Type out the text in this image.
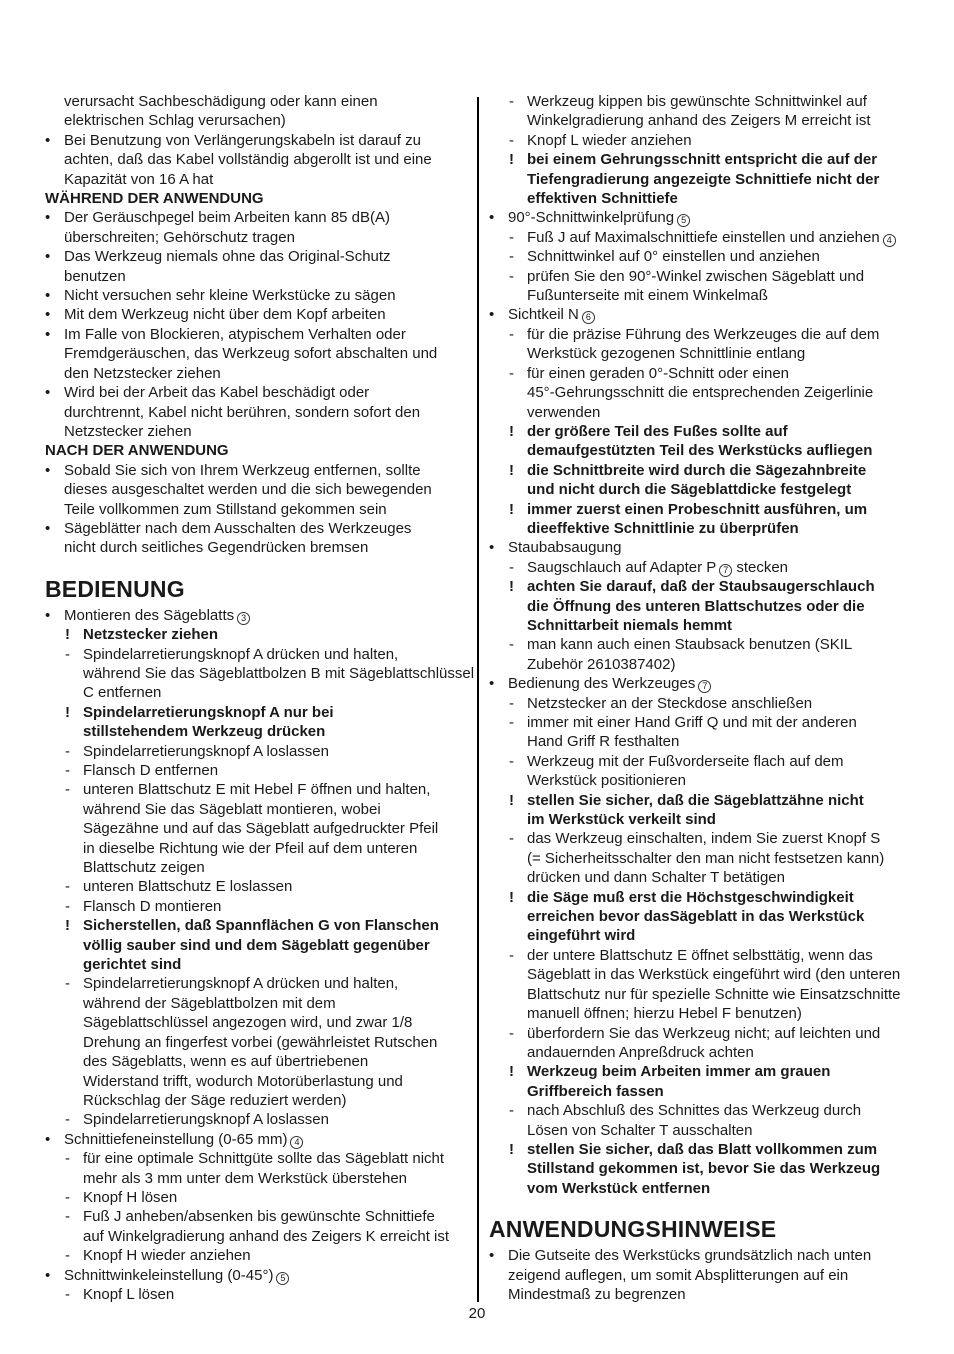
verursacht Sachbeschädigung oder kann einen
elektrischen Schlag verursachen)
• Bei Benutzung von Verlängerungskabeln ist darauf zu
achten, daß das Kabel vollständig abgerollt ist und eine
Kapazität von 16 A hat
WÄHREND DER ANWENDUNG
• Der Geräuschpegel beim Arbeiten kann 85 dB(A)
überschreiten; Gehörschutz tragen
• Das Werkzeug niemals ohne das Original-Schutz
benutzen
• Nicht versuchen sehr kleine Werkstücke zu sägen
• Mit dem Werkzeug nicht über dem Kopf arbeiten
• Im Falle von Blockieren, atypischem Verhalten oder
Fremdgeräuschen, das Werkzeug sofort abschalten und
den Netzstecker ziehen
• Wird bei der Arbeit das Kabel beschädigt oder
durchtrennt, Kabel nicht berühren, sondern sofort den
Netzstecker ziehen
NACH DER ANWENDUNG
• Sobald Sie sich von Ihrem Werkzeug entfernen, sollte
dieses ausgeschaltet werden und die sich bewegenden
Teile vollkommen zum Stillstand gekommen sein
• Sägeblätter nach dem Ausschalten des Werkzeuges
nicht durch seitliches Gegendrücken bremsen
BEDIENUNG
• Montieren des Sägeblatts 3
! Netzstecker ziehen
- Spindelarretierungsknopf A drücken und halten,
während Sie das Sägeblattbolzen B mit Sägeblattschlüssel
C entfernen
! Spindelarretierungsknopf A nur bei
stillstehendem Werkzeug drücken
- Spindelarretierungsknopf A loslassen
- Flansch D entfernen
- unteren Blattschutz E mit Hebel F öffnen und halten,
während Sie das Sägeblatt montieren, wobei
Sägezähne und auf das Sägeblatt aufgedruckter Pfeil
in dieselbe Richtung wie der Pfeil auf dem unteren
Blattschutz zeigen
- unteren Blattschutz E loslassen
- Flansch D montieren
! Sicherstellen, daß Spannflächen G von Flanschen
völlig sauber sind und dem Sägeblatt gegenüber
gerichtet sind
- Spindelarretierungsknopf A drücken und halten,
während der Sägeblattbolzen mit dem
Sägeblattschlüssel angezogen wird, und zwar 1/8
Drehung an fingerfest vorbei (gewährleistet Rutschen
des Sägeblatts, wenn es auf übertriebenen
Widerstand trifft, wodurch Motorüberlastung und
Rückschlag der Säge reduziert werden)
- Spindelarretierungsknopf A loslassen
• Schnittiefeneinstellung (0-65 mm) 4
- für eine optimale Schnittgüte sollte das Sägeblatt nicht
mehr als 3 mm unter dem Werkstück überstehen
- Knopf H lösen
- Fuß J anheben/absenken bis gewünschte Schnittiefe
auf Winkelgradierung anhand des Zeigers K erreicht ist
- Knopf H wieder anziehen
• Schnittwinkeleinstellung (0-45°) 5
- Knopf L lösen
- Werkzeug kippen bis gewünschte Schnittwinkel auf
Winkelgradierung anhand des Zeigers M erreicht ist
- Knopf L wieder anziehen
! bei einem Gehrungsschnitt entspricht die auf der
Tiefengradierung angezeigte Schnittiefe nicht der
effektiven Schnittiefe
• 90°-Schnittwinkelprüfung 5
- Fuß J auf Maximalschnittiefe einstellen und anziehen 4
- Schnittwinkel auf 0° einstellen und anziehen
- prüfen Sie den 90°-Winkel zwischen Sägeblatt und
Fußunterseite mit einem Winkelmaß
• Sichtkeil N 6
- für die präzise Führung des Werkzeuges die auf dem
Werkstück gezogenen Schnittlinie entlang
- für einen geraden 0°-Schnitt oder einen
45°-Gehrungsschnitt die entsprechenden Zeigerlinie
verwenden
! der größere Teil des Fußes sollte auf
demaufgestützten Teil des Werkstücks aufliegen
! die Schnittbreite wird durch die Sägezahnbreite
und nicht durch die Sägeblattdicke festgelegt
! immer zuerst einen Probeschnitt ausführen, um
dieeffektive Schnittlinie zu überprüfen
• Staubabsaugung
- Saugschlauch auf Adapter P 7 stecken
! achten Sie darauf, daß der Staubsaugerschlauch
die Öffnung des unteren Blattschutzes oder die
Schnittarbeit niemals hemmt
- man kann auch einen Staubsack benutzen (SKIL
Zubehör 2610387402)
• Bedienung des Werkzeuges 7
- Netzstecker an der Steckdose anschließen
- immer mit einer Hand Griff Q und mit der anderen
Hand Griff R festhalten
- Werkzeug mit der Fußvorderseite flach auf dem
Werkstück positionieren
! stellen Sie sicher, daß die Sägeblattzähne nicht
im Werkstück verkeilt sind
- das Werkzeug einschalten, indem Sie zuerst Knopf S
(= Sicherheitsschalter den man nicht festsetzen kann)
drücken und dann Schalter T betätigen
! die Säge muß erst die Höchstgeschwindigkeit
erreichen bevor dasSägeblatt in das Werkstück
eingeführt wird
- der untere Blattschutz E öffnet selbsttätig, wenn das
Sägeblatt in das Werkstück eingeführt wird (den unteren
Blattschutz nur für spezielle Schnitte wie Einsatzschnitte
manuell öffnen; hierzu Hebel F benutzen)
- überfordern Sie das Werkzeug nicht; auf leichten und
andauernden Anpreßdruck achten
! Werkzeug beim Arbeiten immer am grauen
Griffbereich fassen
- nach Abschluß des Schnittes das Werkzeug durch
Lösen von Schalter T ausschalten
! stellen Sie sicher, daß das Blatt vollkommen zum
Stillstand gekommen ist, bevor Sie das Werkzeug
vom Werkstück entfernen
ANWENDUNGSHINWEISE
• Die Gutseite des Werkstücks grundsätzlich nach unten
zeigend auflegen, um somit Absplitterungen auf ein
Mindestmaß zu begrenzen
20
